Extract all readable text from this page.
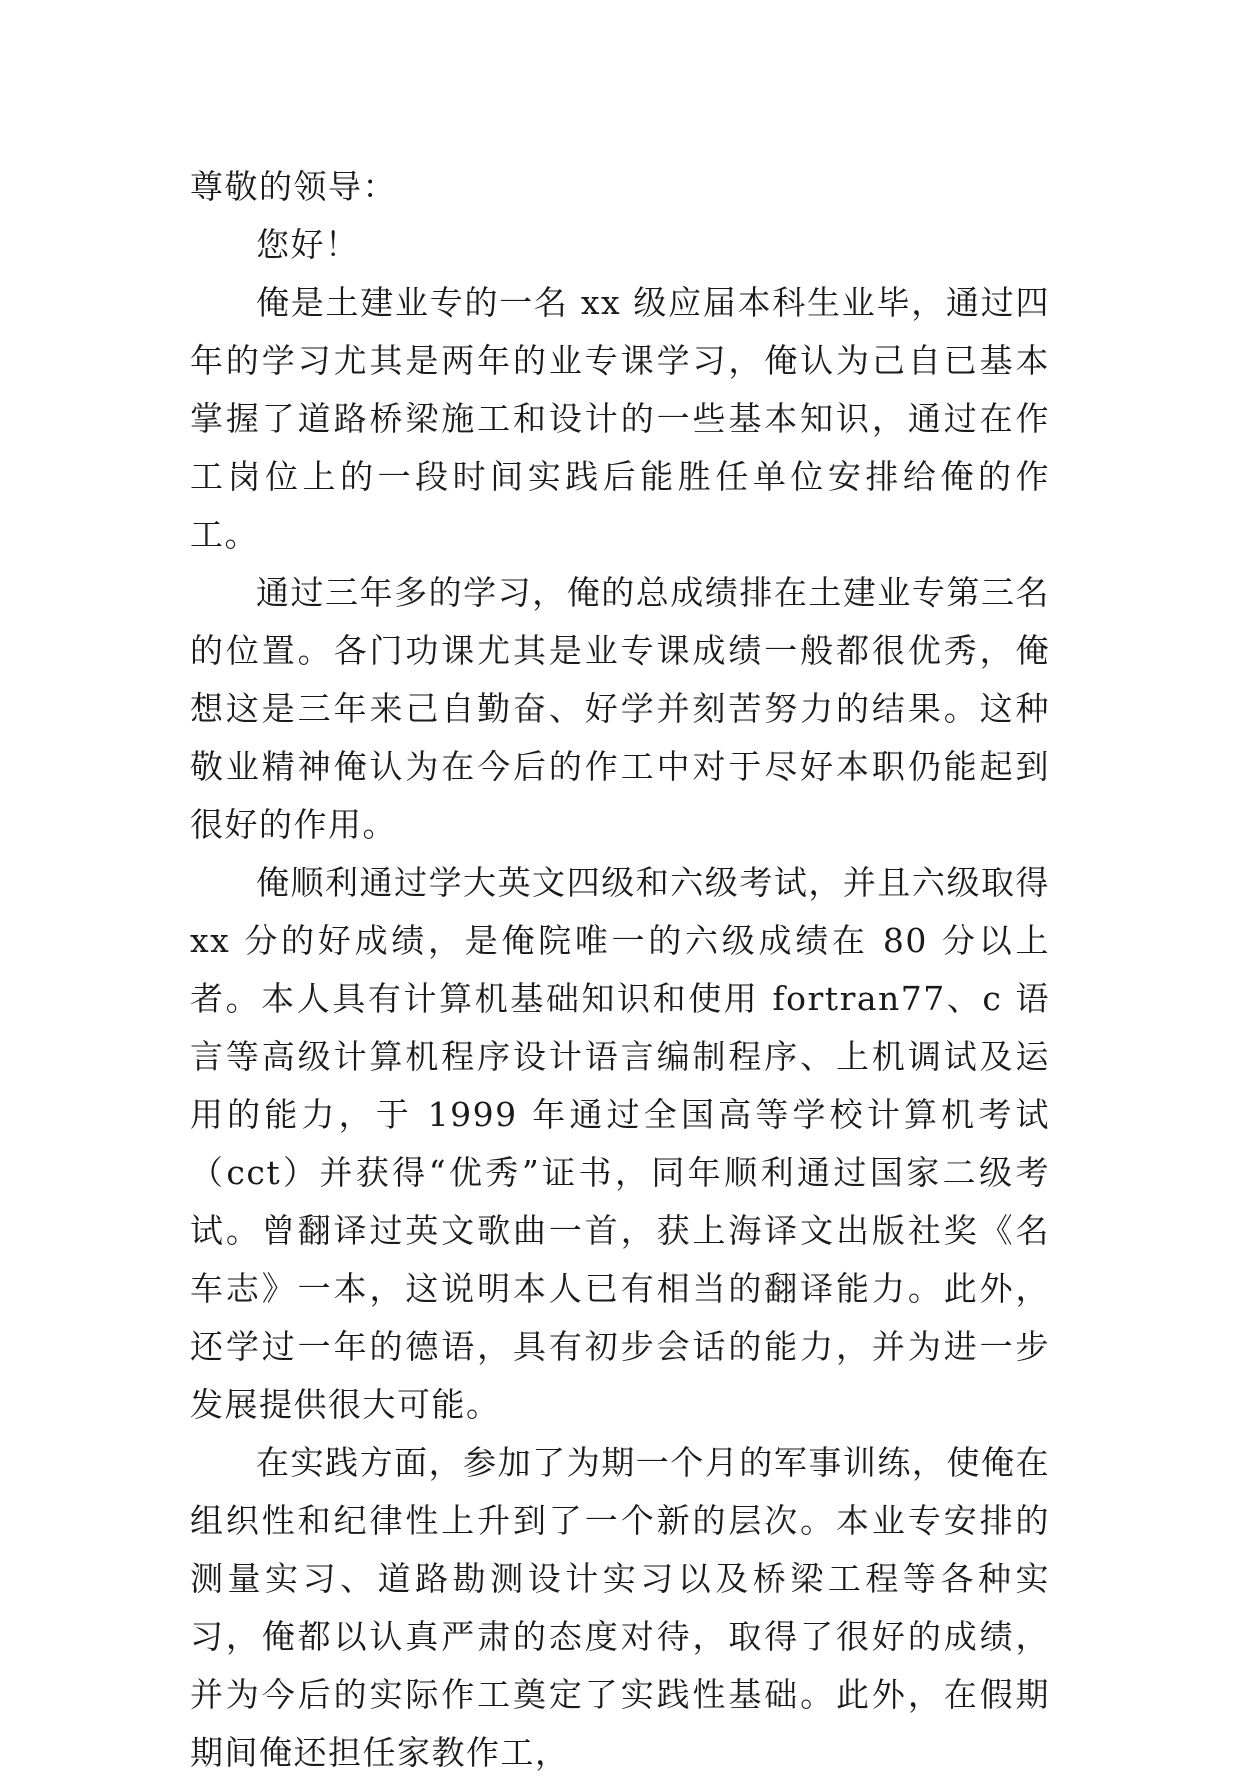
尊敬的领导：

您好！

俺是土建业专的一名 xx 级应届本科生业毕，通过四年的学习尤其是两年的业专课学习，俺认为己自已基本掌握了道路桥梁施工和设计的一些基本知识，通过在作工岗位上的一段时间实践后能胜任单位安排给俺的作工。

通过三年多的学习，俺的总成绩排在土建业专第三名的位置。各门功课尤其是业专课成绩一般都很优秀，俺想这是三年来己自勤奋、好学并刻苦努力的结果。这种敬业精神俺认为在今后的作工中对于尽好本职仍能起到很好的作用。

俺顺利通过学大英文四级和六级考试，并且六级取得 xx 分的好成绩，是俺院唯一的六级成绩在 80 分以上者。本人具有计算机基础知识和使用 fortran77、c 语言等高级计算机程序设计语言编制程序、上机调试及运用的能力，于 1999 年通过全国高等学校计算机考试（cct）并获得“优秀”证书，同年顺利通过国家二级考试。曾翻译过英文歌曲一首，获上海译文出版社奖《名车志》一本，这说明本人已有相当的翻译能力。此外，还学过一年的德语，具有初步会话的能力，并为进一步发展提供很大可能。

在实践方面，参加了为期一个月的军事训练，使俺在组织性和纪律性上升到了一个新的层次。本业专安排的测量实习、道路勘测设计实习以及桥梁工程等各种实习，俺都以认真严肃的态度对待，取得了很好的成绩，并为今后的实际作工奠定了实践性基础。此外，在假期期间俺还担任家教作工，
